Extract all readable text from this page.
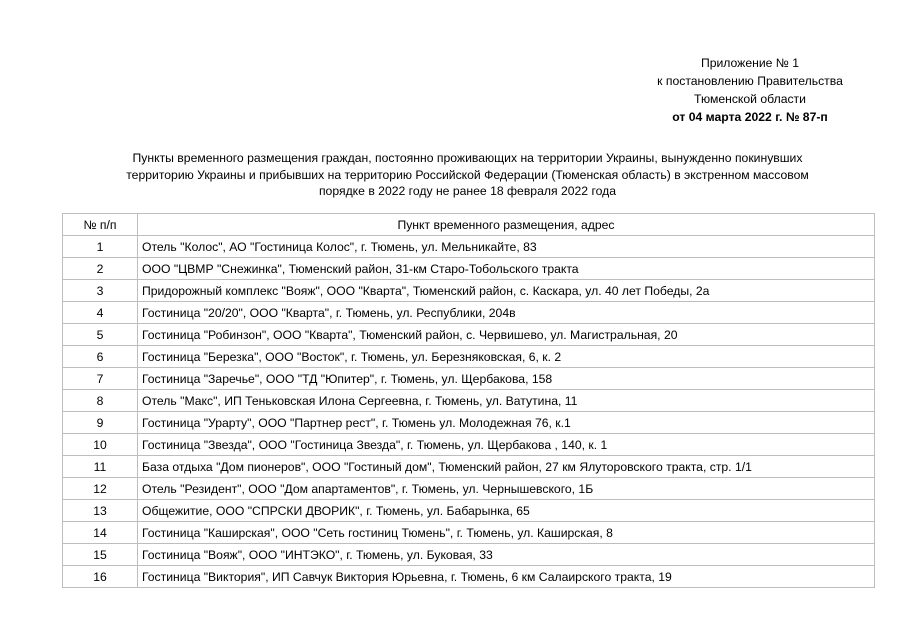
Приложение № 1
к постановлению Правительства
Тюменской области
от 04 марта 2022 г. № 87-п
Пункты временного размещения граждан, постоянно проживающих на территории Украины, вынужденно покинувших
территорию Украины и прибывших на территорию Российской Федерации (Тюменская область) в экстренном массовом
порядке в 2022 году не ранее 18 февраля 2022 года
№ п/п	Пункт временного размещения, адрес
1	Отель "Колос", АО "Гостиница Колос", г. Тюмень, ул. Мельникайте, 83
2	ООО "ЦВМР "Снежинка", Тюменский район, 31-км Старо-Тобольского тракта
3	Придорожный комплекс "Вояж", ООО "Кварта", Тюменский район, с. Каскара, ул. 40 лет Победы, 2а
4	Гостиница "20/20", ООО "Кварта", г. Тюмень, ул. Республики, 204в
5	Гостиница "Робинзон", ООО "Кварта", Тюменский район, с. Червишево, ул. Магистральная, 20
6	Гостиница "Березка", ООО "Восток", г. Тюмень, ул. Березняковская, 6, к. 2
7	Гостиница "Заречье", ООО "ТД "Юпитер", г. Тюмень, ул. Щербакова, 158
8	Отель "Макс", ИП Теньковская Илона Сергеевна, г. Тюмень, ул. Ватутина, 11
9	Гостиница "Урарту", ООО "Партнер рест", г. Тюмень ул. Молодежная 76, к.1
10	Гостиница "Звезда", ООО "Гостиница Звезда", г. Тюмень, ул. Щербакова , 140, к. 1
11	База отдыха "Дом пионеров", ООО "Гостиный дом", Тюменский район, 27 км Ялуторовского тракта, стр. 1/1
12	Отель "Резидент", ООО "Дом апартаментов", г. Тюмень, ул. Чернышевского, 1Б
13	Общежитие, ООО "СПРСКИ ДВОРИК", г. Тюмень, ул. Бабарынка, 65
14	Гостиница "Каширская", ООО "Сеть гостиниц Тюмень", г. Тюмень, ул. Каширская, 8
15	Гостиница "Вояж", ООО "ИНТЭКО", г. Тюмень, ул. Буковая, 33
16	Гостиница "Виктория", ИП Савчук Виктория Юрьевна, г. Тюмень, 6 км Салаирского тракта, 19
